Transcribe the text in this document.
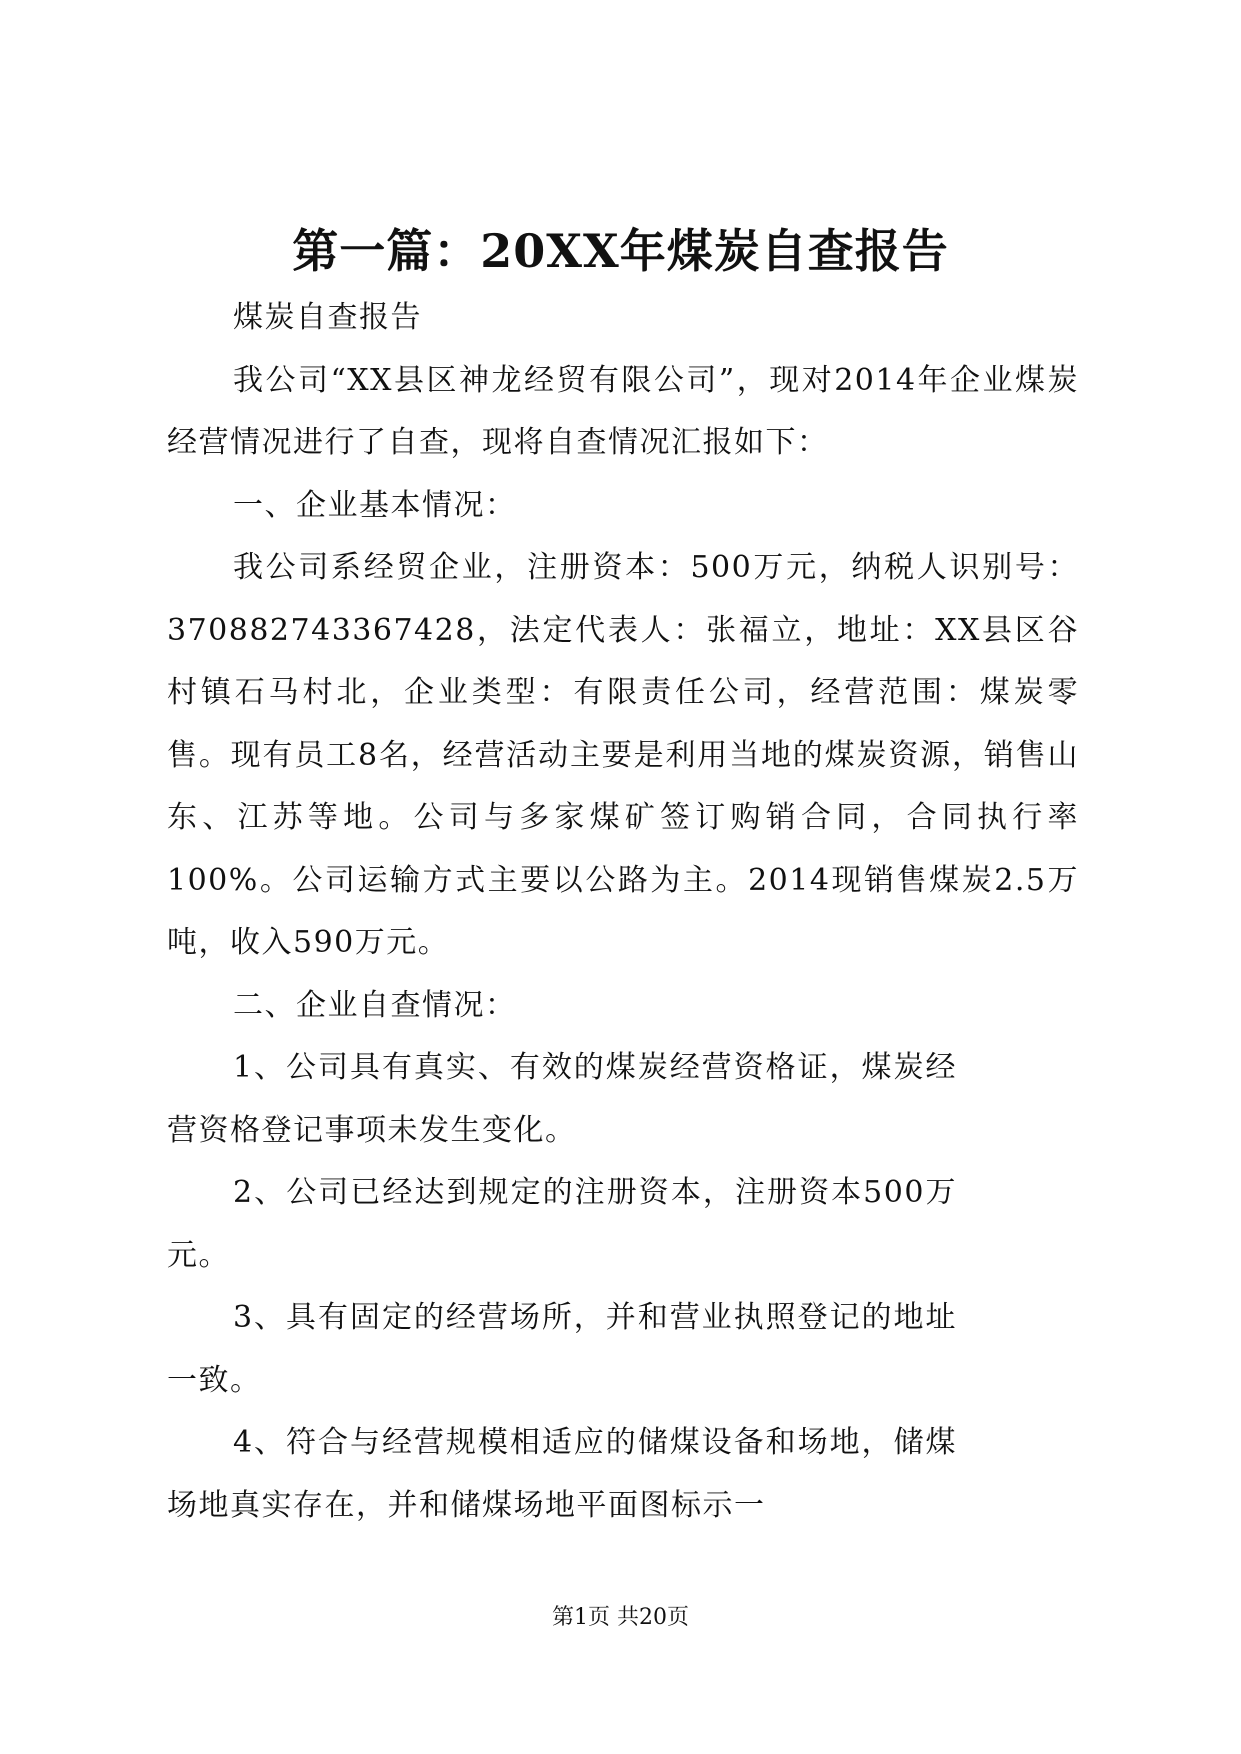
第一篇：20XX年煤炭自查报告

煤炭自查报告

我公司“XX县区神龙经贸有限公司”，现对2014年企业煤炭经营情况进行了自查，现将自查情况汇报如下：

一、企业基本情况：

我公司系经贸企业，注册资本：500万元，纳税人识别号：370882743367428，法定代表人：张福立，地址：XX县区谷村镇石马村北，企业类型：有限责任公司，经营范围：煤炭零售。现有员工8名，经营活动主要是利用当地的煤炭资源，销售山东、江苏等地。公司与多家煤矿签订购销合同，合同执行率100%。公司运输方式主要以公路为主。2014现销售煤炭2.5万吨，收入590万元。

二、企业自查情况：

1、公司具有真实、有效的煤炭经营资格证，煤炭经营资格登记事项未发生变化。

2、公司已经达到规定的注册资本，注册资本500万元。

3、具有固定的经营场所，并和营业执照登记的地址一致。

4、符合与经营规模相适应的储煤设备和场地，储煤场地真实存在，并和储煤场地平面图标示一

第1页 共20页
